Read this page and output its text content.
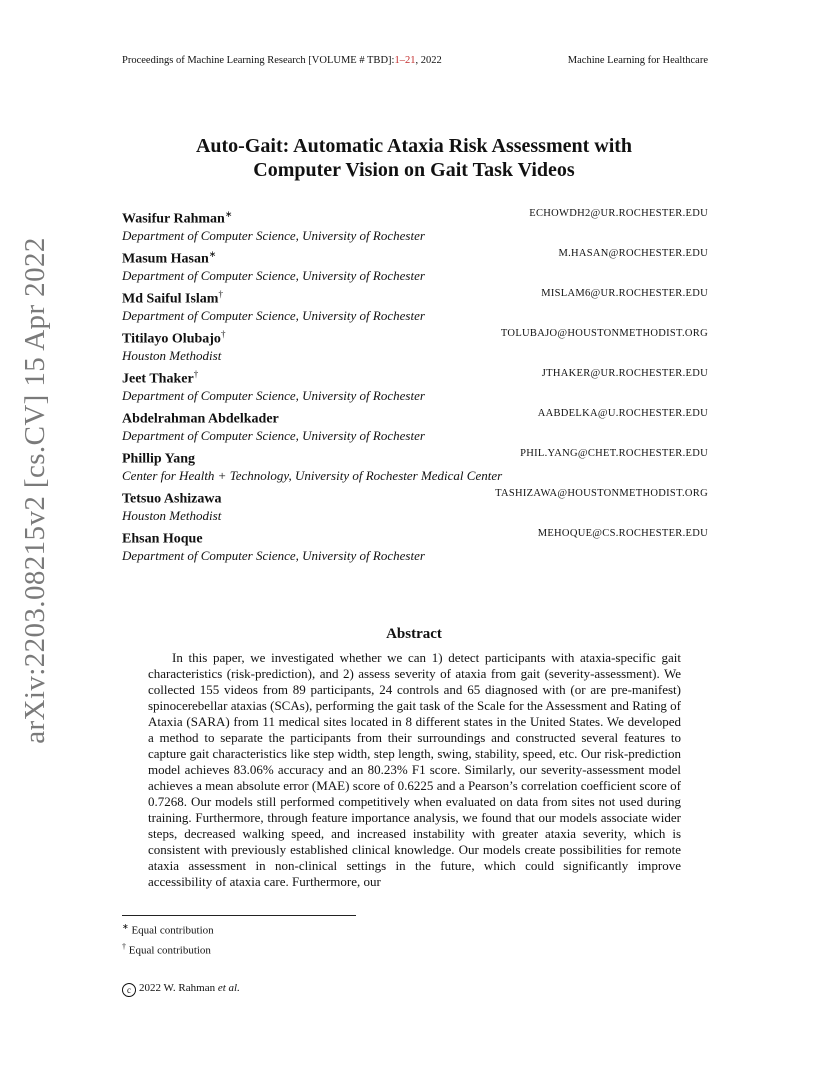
Proceedings of Machine Learning Research [VOLUME # TBD]:1–21, 2022	Machine Learning for Healthcare
Auto-Gait: Automatic Ataxia Risk Assessment with
Computer Vision on Gait Task Videos
Wasifur Rahman∗
Department of Computer Science, University of Rochester
ECHOWDH2@UR.ROCHESTER.EDU
Masum Hasan∗
Department of Computer Science, University of Rochester
M.HASAN@ROCHESTER.EDU
Md Saiful Islam†
Department of Computer Science, University of Rochester
MISLAM6@UR.ROCHESTER.EDU
Titilayo Olubajo†
Houston Methodist
TOLUBAJO@HOUSTONMETHODIST.ORG
Jeet Thaker†
Department of Computer Science, University of Rochester
JTHAKER@UR.ROCHESTER.EDU
Abdelrahman Abdelkader
Department of Computer Science, University of Rochester
AABDELKA@U.ROCHESTER.EDU
Phillip Yang
Center for Health + Technology, University of Rochester Medical Center
PHIL.YANG@CHET.ROCHESTER.EDU
Tetsuo Ashizawa
Houston Methodist
TASHIZAWA@HOUSTONMETHODIST.ORG
Ehsan Hoque
Department of Computer Science, University of Rochester
MEHOQUE@CS.ROCHESTER.EDU
arXiv:2203.08215v2 [cs.CV] 15 Apr 2022	Abstract

In this paper, we investigated whether we can 1) detect participants with ataxia-specific gait characteristics (risk-prediction), and 2) assess severity of ataxia from gait (severity-assessment). We collected 155 videos from 89 participants, 24 controls and 65 diagnosed with (or are pre-manifest) spinocerebellar ataxias (SCAs), performing the gait task of the Scale for the Assessment and Rating of Ataxia (SARA) from 11 medical sites located in 8 different states in the United States. We developed a method to separate the participants from their surroundings and constructed several features to capture gait characteristics like step width, step length, swing, stability, speed, etc. Our risk-prediction model achieves 83.06% accuracy and an 80.23% F1 score. Similarly, our severity-assessment model achieves a mean absolute error (MAE) score of 0.6225 and a Pearson’s correlation coefficient score of 0.7268. Our models still performed competitively when evaluated on data from sites not used during training. Furthermore, through feature importance analysis, we found that our models associate wider steps, decreased walking speed, and increased instability with greater ataxia severity, which is consistent with previously established clinical knowledge. Our models create possibilities for remote ataxia assessment in non-clinical settings in the future, which could significantly improve accessibility of ataxia care. Furthermore, our

∗ Equal contribution
† Equal contribution
c 2022 W. Rahman et al.
